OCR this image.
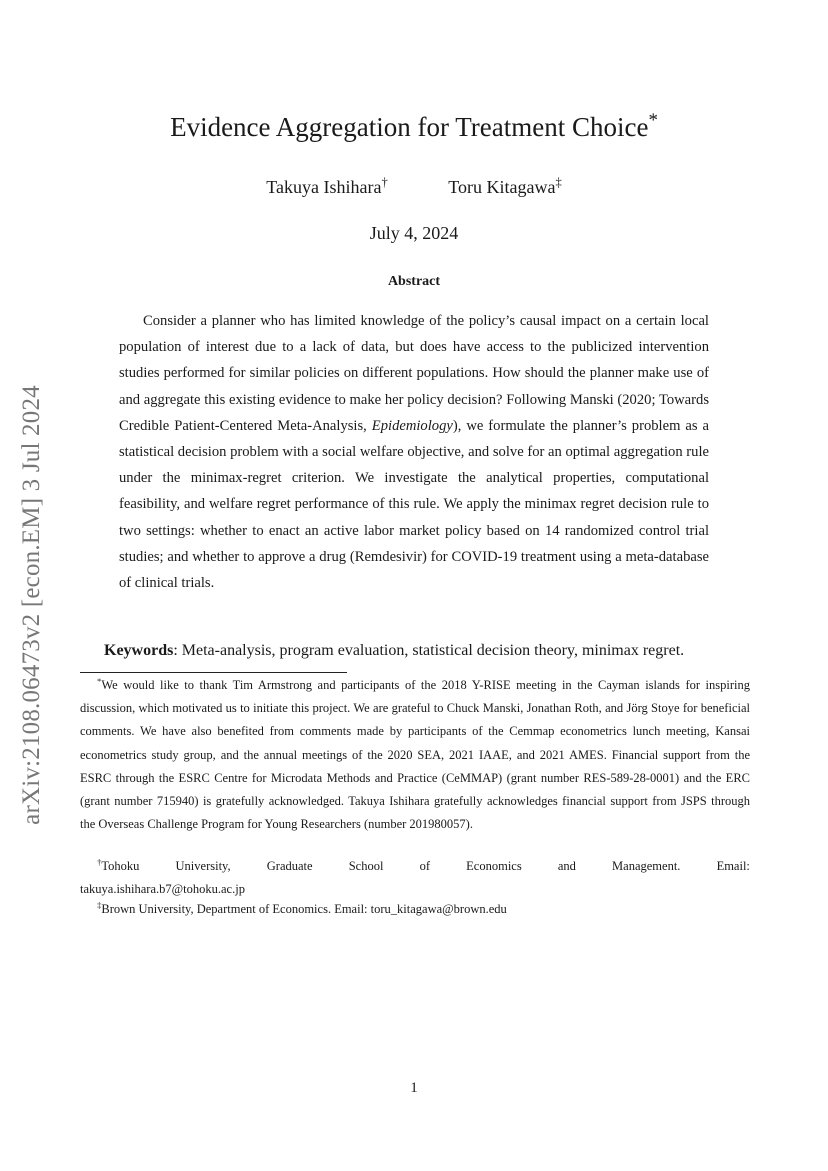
arXiv:2108.06473v2 [econ.EM] 3 Jul 2024
Evidence Aggregation for Treatment Choice*
Takuya Ishihara†	Toru Kitagawa‡
July 4, 2024
Abstract

Consider a planner who has limited knowledge of the policy’s causal impact on a certain local population of interest due to a lack of data, but does have access to the publicized intervention studies performed for similar policies on different populations. How should the planner make use of and aggregate this existing evidence to make her policy decision? Following Manski (2020; Towards Credible Patient-Centered Meta-Analysis, Epidemiology), we formulate the planner’s problem as a statistical decision problem with a social welfare objective, and solve for an optimal aggregation rule under the minimax-regret criterion. We investigate the analytical properties, computational feasibility, and welfare regret performance of this rule. We apply the minimax regret decision rule to two settings: whether to enact an active labor market policy based on 14 randomized control trial studies; and whether to approve a drug (Remdesivir) for COVID-19 treatment using a meta-database of clinical trials.

Keywords: Meta-analysis, program evaluation, statistical decision theory, minimax regret.

*We would like to thank Tim Armstrong and participants of the 2018 Y-RISE meeting in the Cayman islands for inspiring discussion, which motivated us to initiate this project. We are grateful to Chuck Manski, Jonathan Roth, and Jörg Stoye for beneficial comments. We have also benefited from comments made by participants of the Cemmap econometrics lunch meeting, Kansai econometrics study group, and the annual meetings of the 2020 SEA, 2021 IAAE, and 2021 AMES. Financial support from the ESRC through the ESRC Centre for Microdata Methods and Practice (CeMMAP) (grant number RES-589-28-0001) and the ERC (grant number 715940) is gratefully acknowledged. Takuya Ishihara gratefully acknowledges financial support from JSPS through the Overseas Challenge Program for Young Researchers (number 201980057).

†Tohoku	University,	Graduate	School	of	Economics	and	Management.	Email:
takuya.ishihara.b7@tohoku.ac.jp

‡Brown University, Department of Economics. Email: toru_kitagawa@brown.edu

1
